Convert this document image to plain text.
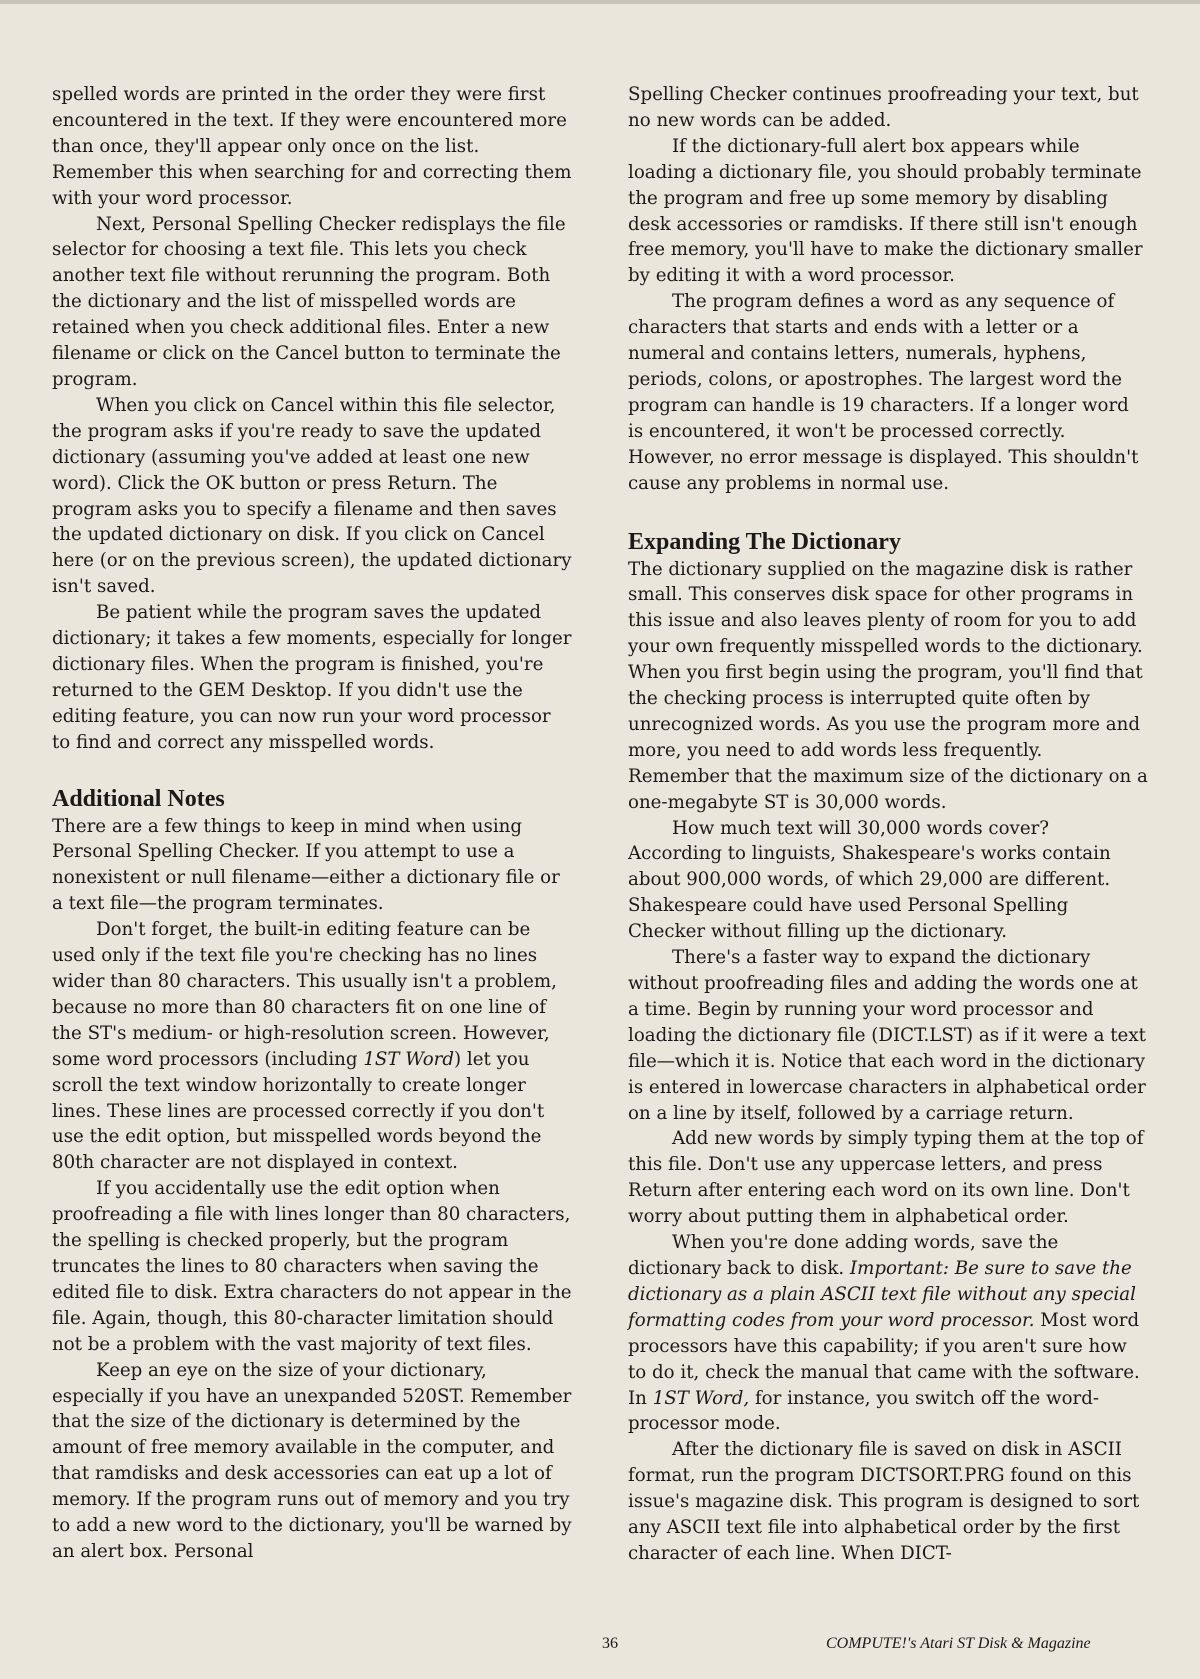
spelled words are printed in the order they were first encountered in the text. If they were encountered more than once, they'll appear only once on the list. Remember this when searching for and correcting them with your word processor.

Next, Personal Spelling Checker redisplays the file selector for choosing a text file. This lets you check another text file without rerunning the program. Both the dictionary and the list of misspelled words are retained when you check additional files. Enter a new filename or click on the Cancel button to terminate the program.

When you click on Cancel within this file selector, the program asks if you're ready to save the updated dictionary (assuming you've added at least one new word). Click the OK button or press Return. The program asks you to specify a filename and then saves the updated dictionary on disk. If you click on Cancel here (or on the previous screen), the updated dictionary isn't saved.

Be patient while the program saves the updated dictionary; it takes a few moments, especially for longer dictionary files. When the program is finished, you're returned to the GEM Desktop. If you didn't use the editing feature, you can now run your word processor to find and correct any misspelled words.

Additional Notes

There are a few things to keep in mind when using Personal Spelling Checker. If you attempt to use a nonexistent or null filename—either a dictionary file or a text file—the program terminates.

Don't forget, the built-in editing feature can be used only if the text file you're checking has no lines wider than 80 characters. This usually isn't a problem, because no more than 80 characters fit on one line of the ST's medium- or high-resolution screen. However, some word processors (including 1ST Word) let you scroll the text window horizontally to create longer lines. These lines are processed correctly if you don't use the edit option, but misspelled words beyond the 80th character are not displayed in context.

If you accidentally use the edit option when proofreading a file with lines longer than 80 characters, the spelling is checked properly, but the program truncates the lines to 80 characters when saving the edited file to disk. Extra characters do not appear in the file. Again, though, this 80-character limitation should not be a problem with the vast majority of text files.

Keep an eye on the size of your dictionary, especially if you have an unexpanded 520ST. Remember that the size of the dictionary is determined by the amount of free memory available in the computer, and that ramdisks and desk accessories can eat up a lot of memory. If the program runs out of memory and you try to add a new word to the dictionary, you'll be warned by an alert box. Personal

Spelling Checker continues proofreading your text, but no new words can be added.

If the dictionary-full alert box appears while loading a dictionary file, you should probably terminate the program and free up some memory by disabling desk accessories or ramdisks. If there still isn't enough free memory, you'll have to make the dictionary smaller by editing it with a word processor.

The program defines a word as any sequence of characters that starts and ends with a letter or a numeral and contains letters, numerals, hyphens, periods, colons, or apostrophes. The largest word the program can handle is 19 characters. If a longer word is encountered, it won't be processed correctly. However, no error message is displayed. This shouldn't cause any problems in normal use.

Expanding The Dictionary

The dictionary supplied on the magazine disk is rather small. This conserves disk space for other programs in this issue and also leaves plenty of room for you to add your own frequently misspelled words to the dictionary. When you first begin using the program, you'll find that the checking process is interrupted quite often by unrecognized words. As you use the program more and more, you need to add words less frequently. Remember that the maximum size of the dictionary on a one-megabyte ST is 30,000 words.

How much text will 30,000 words cover? According to linguists, Shakespeare's works contain about 900,000 words, of which 29,000 are different. Shakespeare could have used Personal Spelling Checker without filling up the dictionary.

There's a faster way to expand the dictionary without proofreading files and adding the words one at a time. Begin by running your word processor and loading the dictionary file (DICT.LST) as if it were a text file—which it is. Notice that each word in the dictionary is entered in lowercase characters in alphabetical order on a line by itself, followed by a carriage return.

Add new words by simply typing them at the top of this file. Don't use any uppercase letters, and press Return after entering each word on its own line. Don't worry about putting them in alphabetical order.

When you're done adding words, save the dictionary back to disk. Important: Be sure to save the dictionary as a plain ASCII text file without any special formatting codes from your word processor. Most word processors have this capability; if you aren't sure how to do it, check the manual that came with the software. In 1ST Word, for instance, you switch off the word-processor mode.

After the dictionary file is saved on disk in ASCII format, run the program DICTSORT.PRG found on this issue's magazine disk. This program is designed to sort any ASCII text file into alphabetical order by the first character of each line. When DICT-

36	COMPUTE!'s Atari ST Disk & Magazine
